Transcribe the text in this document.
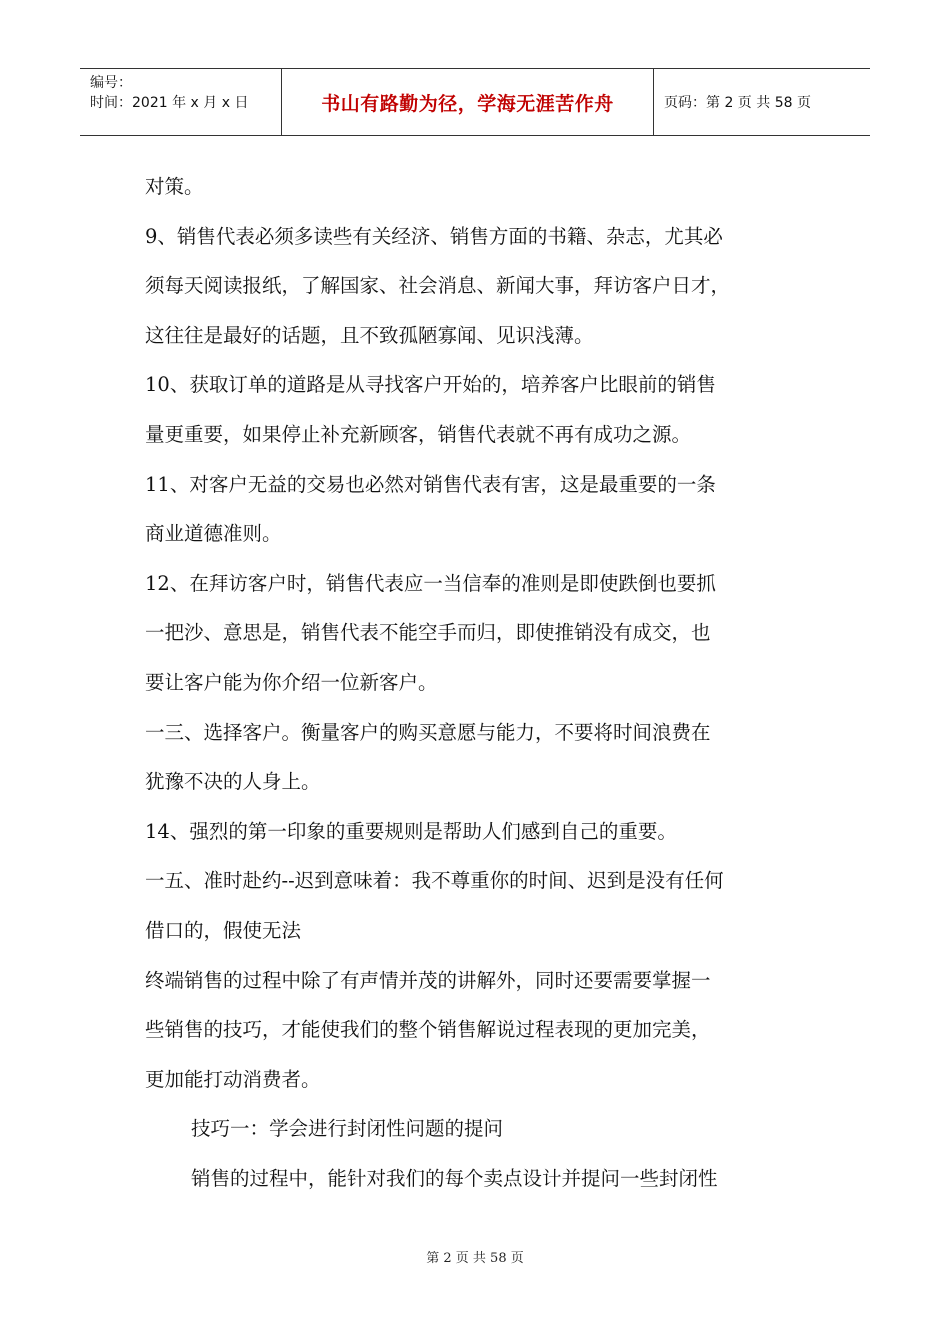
编号：
时间：2021 年 x 月 x 日	书山有路勤为径，学海无涯苦作舟	页码：第 2 页 共 58 页
对策。
9、销售代表必须多读些有关经济、销售方面的书籍、杂志，尤其必
须每天阅读报纸，了解国家、社会消息、新闻大事，拜访客户日才，
这往往是最好的话题，且不致孤陋寡闻、见识浅薄。
10、获取订单的道路是从寻找客户开始的，培养客户比眼前的销售
量更重要，如果停止补充新顾客，销售代表就不再有成功之源。
11、对客户无益的交易也必然对销售代表有害，这是最重要的一条
商业道德准则。
12、在拜访客户时，销售代表应一当信奉的准则是即使跌倒也要抓
一把沙、意思是，销售代表不能空手而归，即使推销没有成交，也
要让客户能为你介绍一位新客户。
一三、选择客户。衡量客户的购买意愿与能力，不要将时间浪费在
犹豫不决的人身上。
14、强烈的第一印象的重要规则是帮助人们感到自己的重要。
一五、准时赴约--迟到意味着：我不尊重你的时间、迟到是没有任何
借口的，假使无法
终端销售的过程中除了有声情并茂的讲解外，同时还要需要掌握一
些销售的技巧，才能使我们的整个销售解说过程表现的更加完美，
更加能打动消费者。
技巧一：学会进行封闭性问题的提问
销售的过程中，能针对我们的每个卖点设计并提问一些封闭性
第 2 页 共 58 页
